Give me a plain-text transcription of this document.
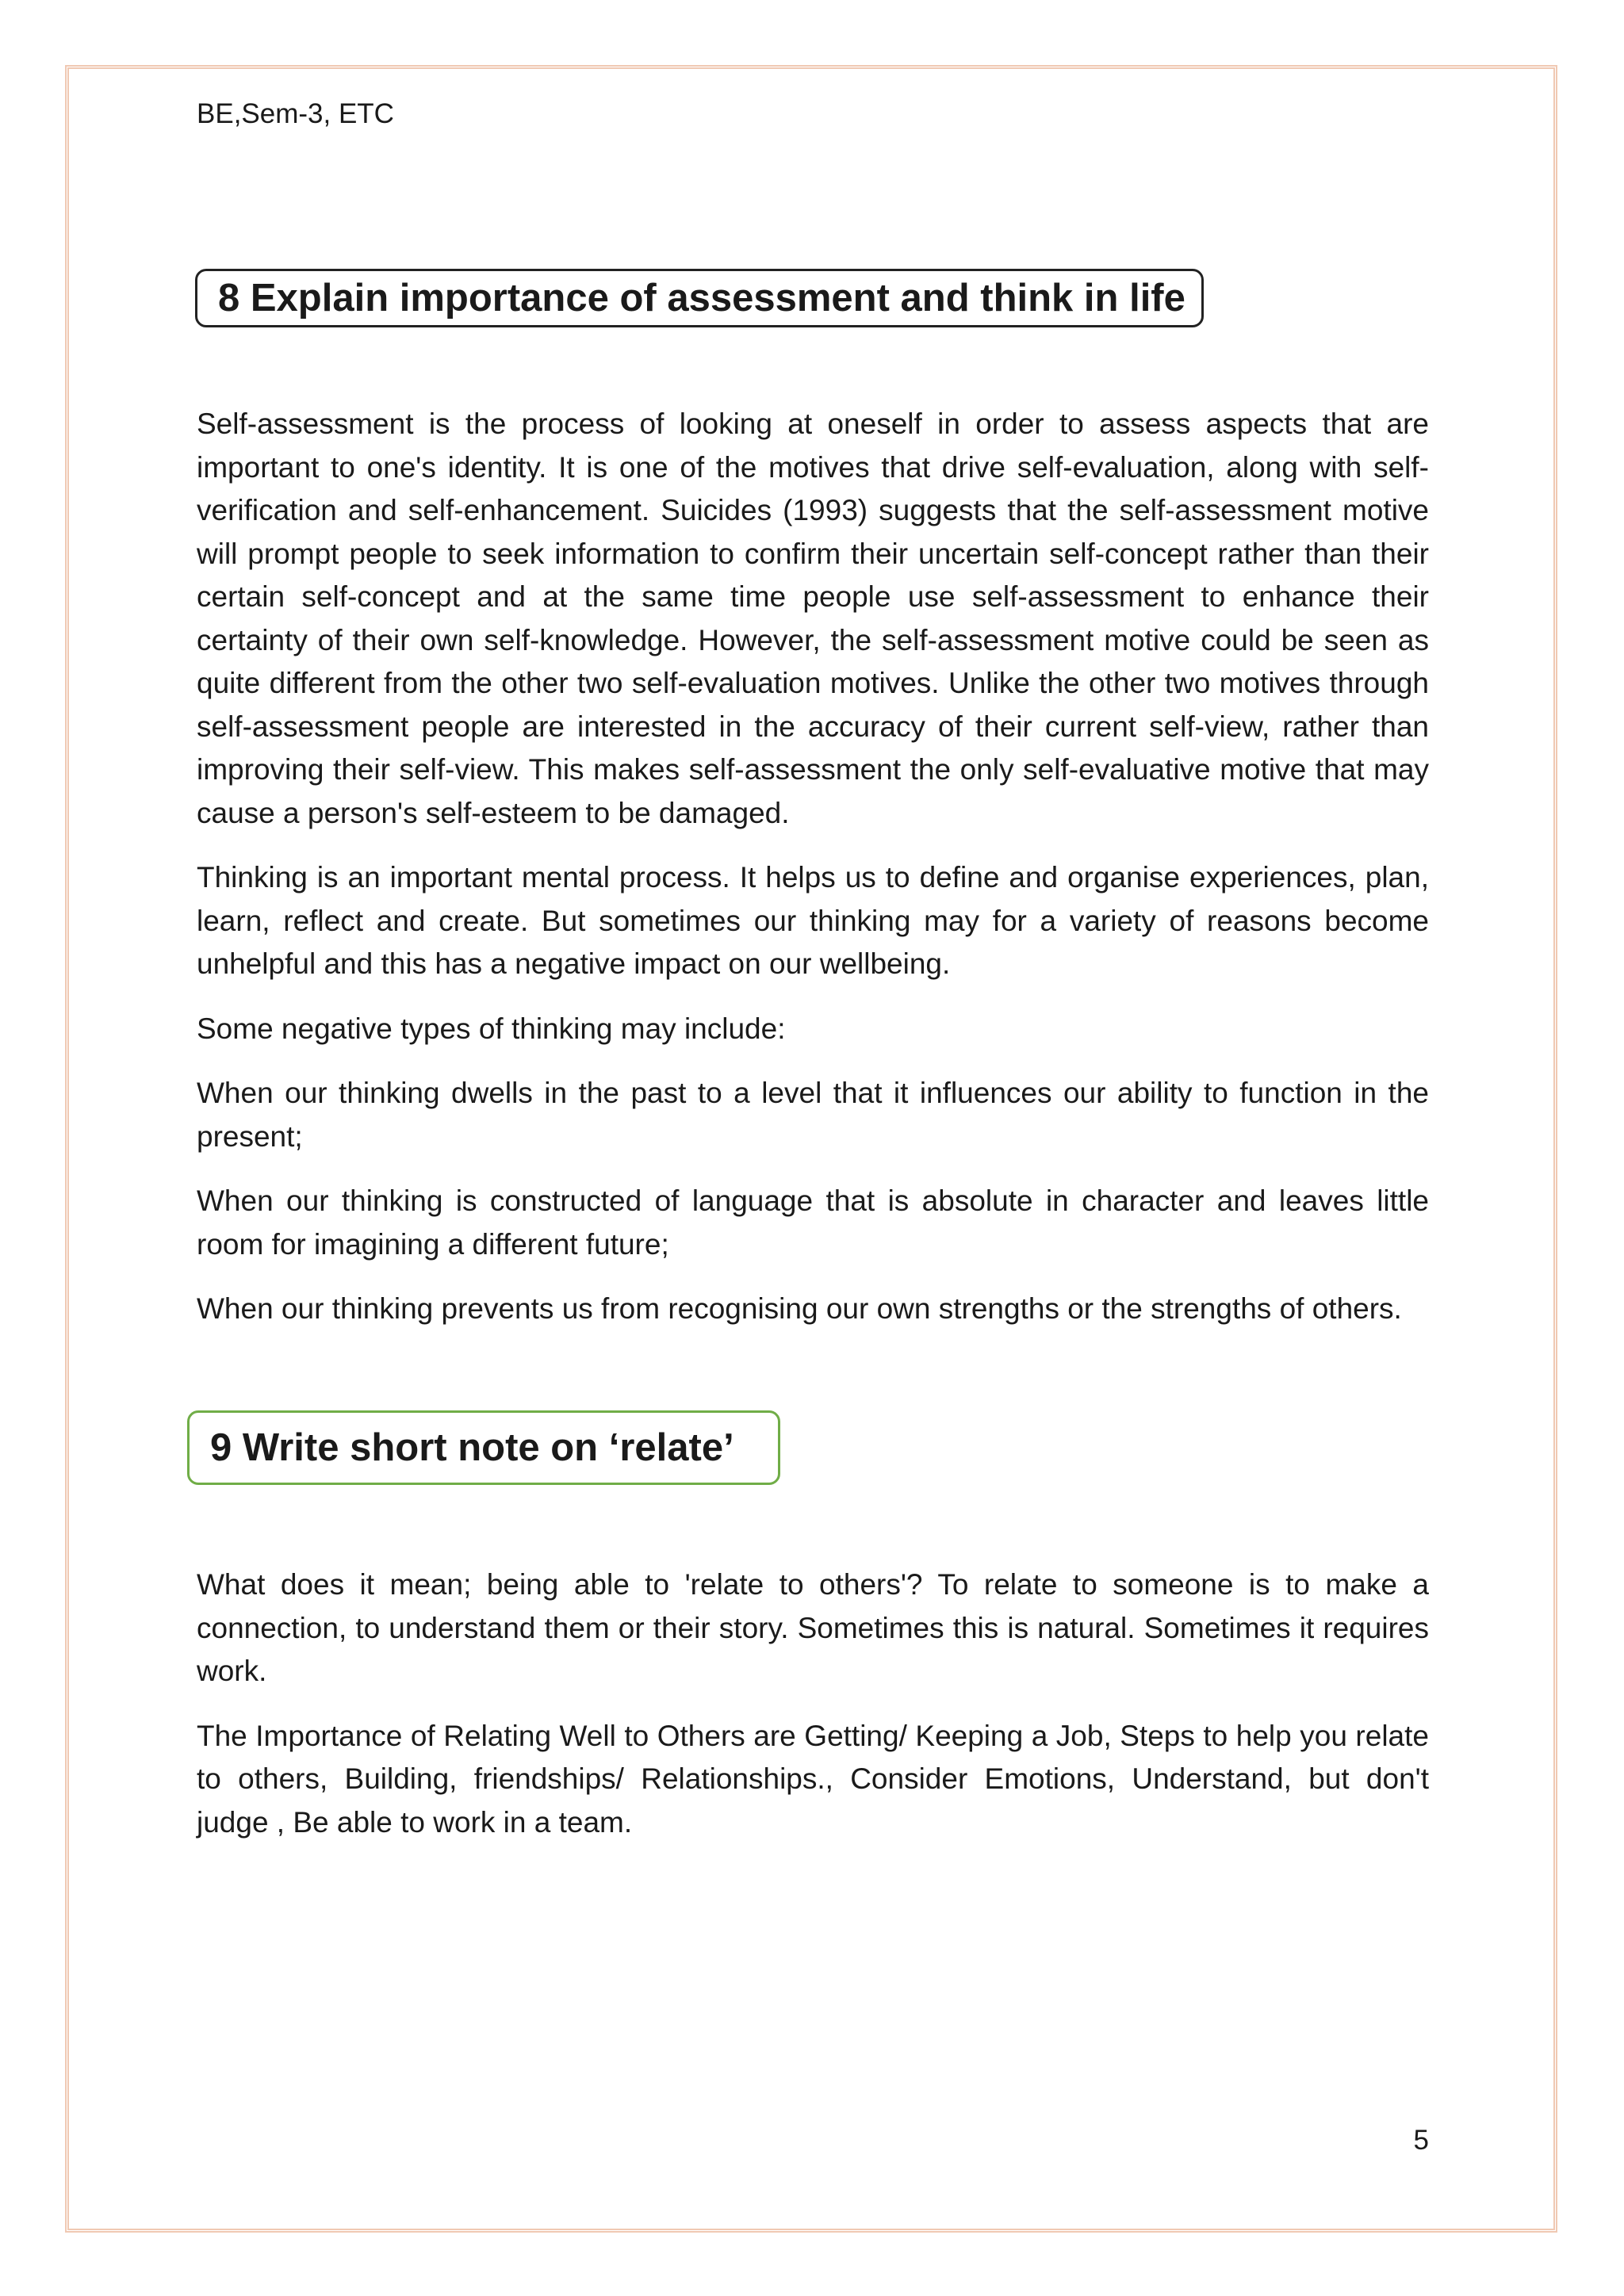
BE,Sem-3, ETC
8 Explain importance of assessment and think in life

Self-assessment is the process of looking at oneself in order to assess aspects that are important to one's identity. It is one of the motives that drive self-evaluation, along with self-verification and self-enhancement. Suicides (1993) suggests that the self-assessment motive will prompt people to seek information to confirm their uncertain self-concept rather than their certain self-concept and at the same time people use self-assessment to enhance their certainty of their own self-knowledge. However, the self-assessment motive could be seen as quite different from the other two self-evaluation motives. Unlike the other two motives through self-assessment people are interested in the accuracy of their current self-view, rather than improving their self-view. This makes self-assessment the only self-evaluative motive that may cause a person's self-esteem to be damaged.

Thinking is an important mental process. It helps us to define and organise experiences, plan, learn, reflect and create. But sometimes our thinking may for a variety of reasons become unhelpful and this has a negative impact on our wellbeing.

Some negative types of thinking may include:

When our thinking dwells in the past to a level that it influences our ability to function in the present;

When our thinking is constructed of language that is absolute in character and leaves little room for imagining a different future;

When our thinking prevents us from recognising our own strengths or the strengths of others.

9 Write short note on ‘relate’

What does it mean; being able to 'relate to others'? To relate to someone is to make a connection, to understand them or their story. Sometimes this is natural. Sometimes it requires work.

The Importance of Relating Well to Others are Getting/ Keeping a Job, Steps to help you relate to others, Building, friendships/ Relationships., Consider Emotions, Understand, but don't judge , Be able to work in a team.

5
